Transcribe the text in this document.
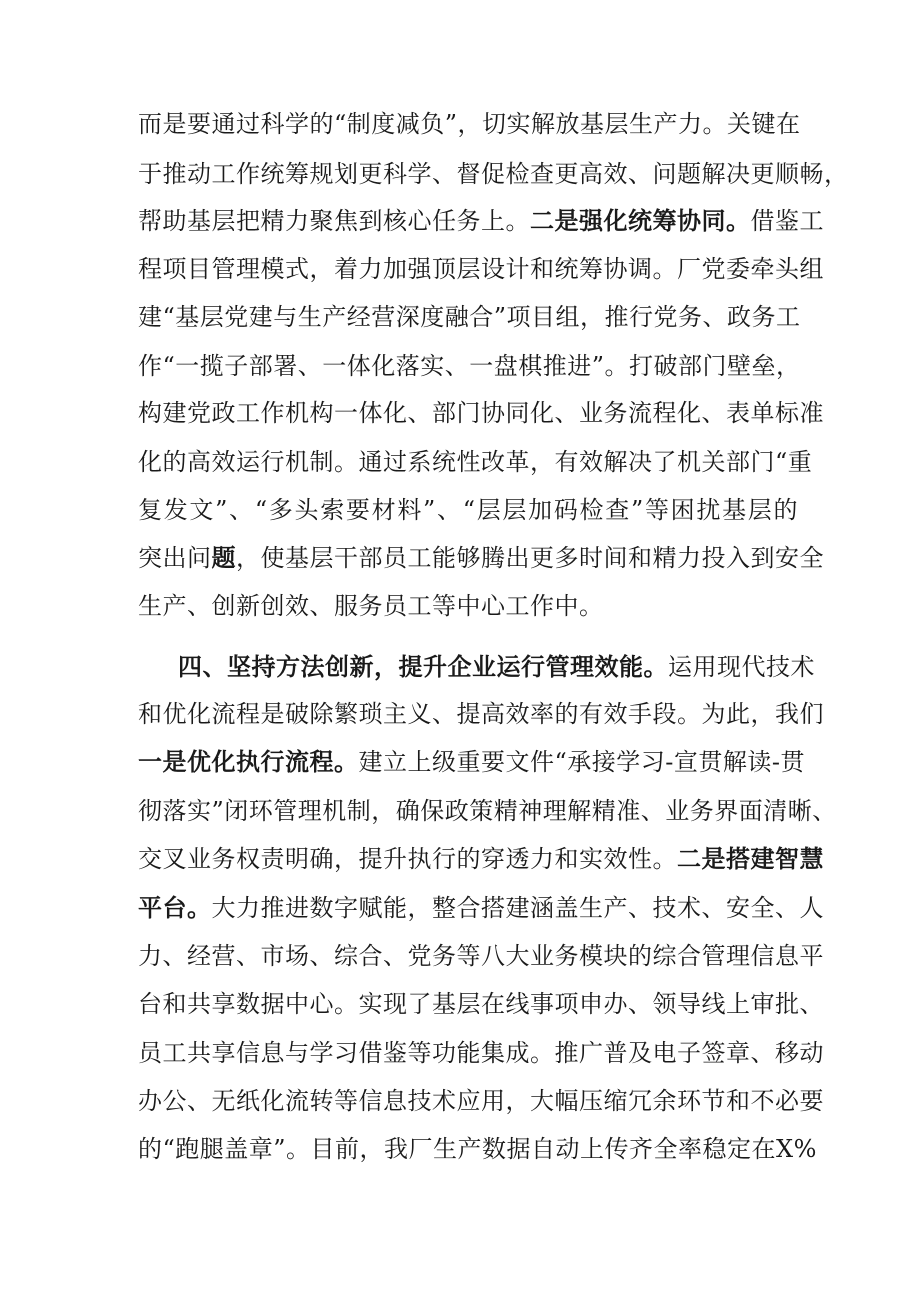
而是要通过科学的“制度减负”，切实解放基层生产力。关键在
于推动工作统筹规划更科学、督促检查更高效、问题解决更顺畅，
帮助基层把精力聚焦到核心任务上。二是强化统筹协同。借鉴工
程项目管理模式，着力加强顶层设计和统筹协调。厂党委牵头组
建“基层党建与生产经营深度融合”项目组，推行党务、政务工
作“一揽子部署、一体化落实、一盘棋推进”。打破部门壁垒，
构建党政工作机构一体化、部门协同化、业务流程化、表单标准
化的高效运行机制。通过系统性改革，有效解决了机关部门“重
复发文”、“多头索要材料”、“层层加码检查”等困扰基层的
突出问题，使基层干部员工能够腾出更多时间和精力投入到安全
生产、创新创效、服务员工等中心工作中。
四、坚持方法创新，提升企业运行管理效能。运用现代技术
和优化流程是破除繁琐主义、提高效率的有效手段。为此，我们
一是优化执行流程。建立上级重要文件“承接学习-宣贯解读-贯
彻落实”闭环管理机制，确保政策精神理解精准、业务界面清晰、
交叉业务权责明确，提升执行的穿透力和实效性。二是搭建智慧
平台。大力推进数字赋能，整合搭建涵盖生产、技术、安全、人
力、经营、市场、综合、党务等八大业务模块的综合管理信息平
台和共享数据中心。实现了基层在线事项申办、领导线上审批、
员工共享信息与学习借鉴等功能集成。推广普及电子签章、移动
办公、无纸化流转等信息技术应用，大幅压缩冗余环节和不必要
的“跑腿盖章”。目前，我厂生产数据自动上传齐全率稳定在X%
